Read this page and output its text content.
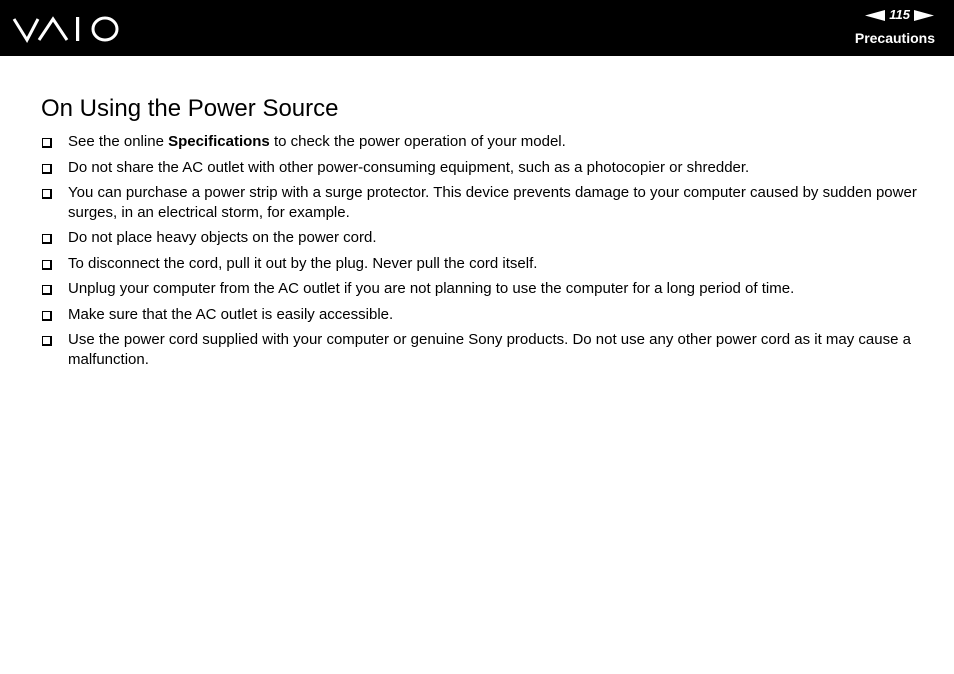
115
Precautions
On Using the Power Source
See the online Specifications to check the power operation of your model.
Do not share the AC outlet with other power-consuming equipment, such as a photocopier or shredder.
You can purchase a power strip with a surge protector. This device prevents damage to your computer caused by sudden power surges, in an electrical storm, for example.
Do not place heavy objects on the power cord.
To disconnect the cord, pull it out by the plug. Never pull the cord itself.
Unplug your computer from the AC outlet if you are not planning to use the computer for a long period of time.
Make sure that the AC outlet is easily accessible.
Use the power cord supplied with your computer or genuine Sony products. Do not use any other power cord as it may cause a malfunction.
